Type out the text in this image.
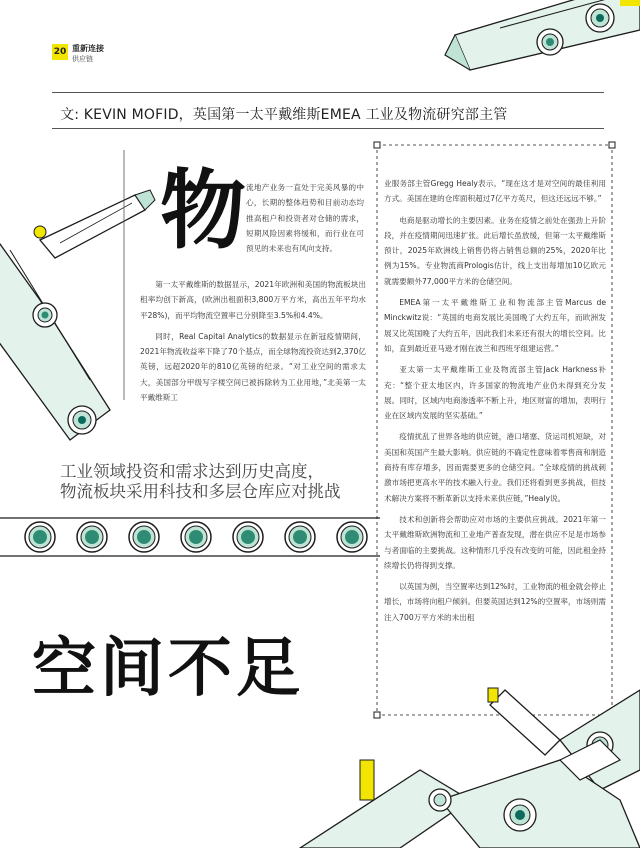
20 重新连接
供应链
文: KEVIN MOFID，英国第一太平戴维斯EMEA 工业及物流研究部主管
物 流地产业务一直处于完美风暴的中心，长期的整体趋势和目前动态均推高租户和投资者对仓储的需求，短期风险因素将缓和，而行业在可预见的未来也有风向支持。

第一太平戴维斯的数据显示，2021年欧洲和美国的物流板块出租率均创下新高，(欧洲出租面积3,800万平方米，高出五年平均水平28%)，而平均物流空置率已分别降至3.5%和4.4%。

同时，Real Capital Analytics的数据显示在新冠疫情期间，2021年物流收益率下降了70个基点，而全球物流投资达到2,370亿英镑，远超2020年的810亿英镑的纪录。“对工业空间的需求太大，美国部分甲级写字楼空间已被拆除转为工业用地，”北美第一太平戴维斯工

工业领域投资和需求达到历史高度，
物流板块采用科技和多层仓库应对挑战
空间不足

业服务部主管Gregg Healy表示。“现在这才是对空间的最佳利用方式。美国在建的仓库面积超过7亿平方英尺，但这还远远不够。”

电商是驱动增长的主要因素。业务在疫情之前处在强劲上升阶段，并在疫情期间迅速扩张。此后增长虽放缓，但第一太平戴维斯预计，2025年欧洲线上销售仍将占销售总额的25%，2020年比例为15%。专业物流商Prologis估计，线上支出每增加10亿欧元就需要额外77,000平方米的仓储空间。

EMEA第一太平戴维斯工业和物流部主管Marcus de Minckwitz说：“英国的电商发展比美国晚了大约五年，而欧洲发展又比英国晚了大约五年，因此我们未来还有很大的增长空间。比如，直到最近亚马逊才刚在波兰和西班牙组建运营。”

亚太第一太平戴维斯工业及物流部主管Jack Harkness补充：“整个亚太地区内，许多国家的物流地产业仍未得到充分发展。同时，区域内电商渗透率不断上升，地区财富的增加，表明行业在区域内发展的坚实基础。”

疫情扰乱了世界各地的供应链，港口堵塞、货运司机短缺，对美国和英国产生最大影响。供应链的不确定性意味着零售商和制造商持有库存增多，因而需要更多的仓储空间。“全球疫情的挑战刺激市场把更高水平的技术融入行业。我们还将看到更多挑战，但技术解决方案将不断革新以支持未来供应链，”Healy说。

技术和创新将会帮助应对市场的主要供应挑战。2021年第一太平戴维斯欧洲物流和工业地产普查发现，潜在供应不足是市场参与者面临的主要挑战。这种情形几乎没有改变的可能，因此租金持续增长仍将得到支撑。

以英国为例，当空置率达到12%时，工业物流的租金就会停止增长，市场将向租户倾斜。但要英国达到12%的空置率，市场则需注入700万平方米的未出租
